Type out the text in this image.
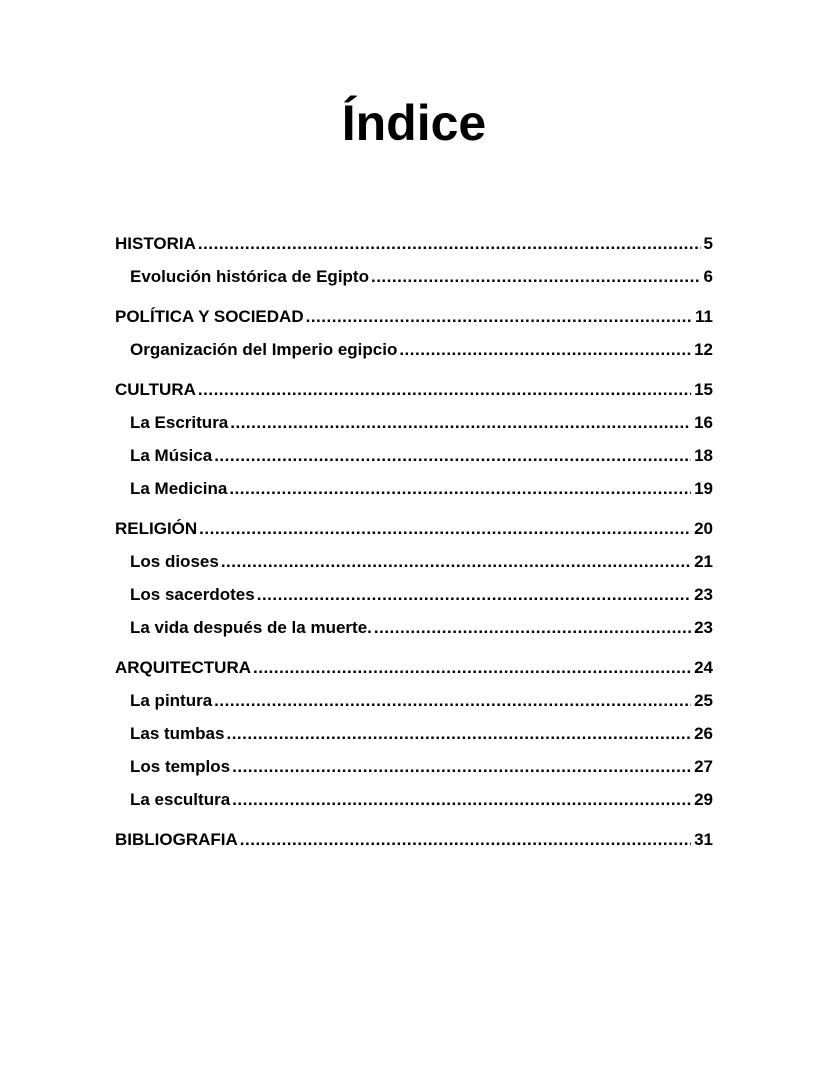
Índice
HISTORIA .....	5
Evolución histórica de Egipto .....	6
POLÍTICA Y SOCIEDAD .....	11
Organización del Imperio egipcio .....	12
CULTURA .....	15
La Escritura .....	16
La Música .....	18
La Medicina .....	19
RELIGIÓN .....	20
Los dioses .....	21
Los sacerdotes .....	23
La vida después de la muerte. .....	23
ARQUITECTURA .....	24
La pintura .....	25
Las tumbas .....	26
Los templos .....	27
La escultura .....	29
BIBLIOGRAFIA .....	31
